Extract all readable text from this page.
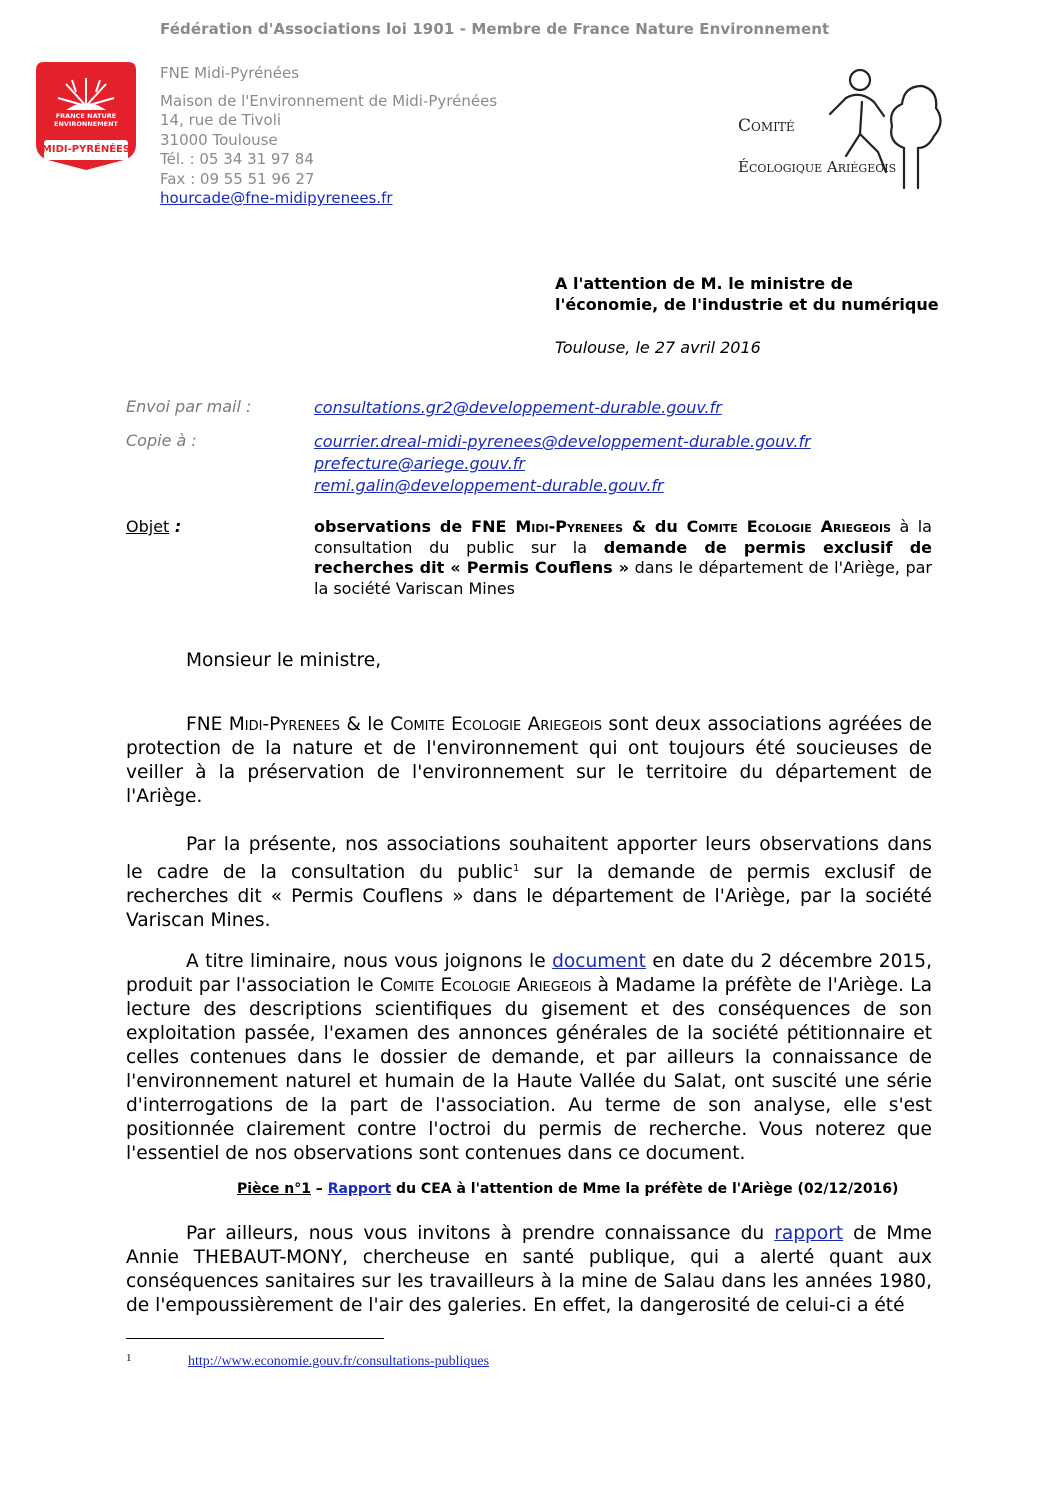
Fédération d'Associations loi 1901 - Membre de France Nature Environnement
FRANCE NATURE
ENVIRONNEMENT
MIDI-PYRÉNÉES
FNE Midi-Pyrénées
Maison de l'Environnement de Midi-Pyrénées
14, rue de Tivoli
31000 Toulouse
Tél. : 05 34 31 97 84
Fax : 09 55 51 96 27
hourcade@fne-midipyrenees.fr
Comité
Écologique Ariégeois
A l'attention de M. le ministre de
l'économie, de l'industrie et du numérique
Toulouse, le 27 avril 2016
Envoi par mail :	consultations.gr2@developpement-durable.gouv.fr
Copie à :	courrier.dreal-midi-pyrenees@developpement-durable.gouv.fr
prefecture@ariege.gouv.fr
remi.galin@developpement-durable.gouv.fr
Objet :	observations de FNE Midi-Pyrenees & du Comite Ecologie Ariegeois à la consultation du public sur la demande de permis exclusif de recherches dit « Permis Couflens » dans le département de l'Ariège, par la société Variscan Mines
Monsieur le ministre,
FNE Midi-Pyrenees & le Comite Ecologie Ariegeois sont deux associations agréées de protection de la nature et de l'environnement qui ont toujours été soucieuses de veiller à la préservation de l'environnement sur le territoire du département de l'Ariège.
Par la présente, nos associations souhaitent apporter leurs observations dans le cadre de la consultation du public$^1$ sur la demande de permis exclusif de recherches dit « Permis Couflens » dans le département de l'Ariège, par la société Variscan Mines.
A titre liminaire, nous vous joignons le document en date du 2 décembre 2015, produit par l'association le Comite Ecologie Ariegeois à Madame la préfète de l'Ariège. La lecture des descriptions scientifiques du gisement et des conséquences de son exploitation passée, l'examen des annonces générales de la société pétitionnaire et celles contenues dans le dossier de demande, et par ailleurs la connaissance de l'environnement naturel et humain de la Haute Vallée du Salat, ont suscité une série d'interrogations de la part de l'association. Au terme de son analyse, elle s'est positionnée clairement contre l'octroi du permis de recherche. Vous noterez que l'essentiel de nos observations sont contenues dans ce document.
Pièce n°1 – Rapport du CEA à l'attention de Mme la préfète de l'Ariège (02/12/2016)
Par ailleurs, nous vous invitons à prendre connaissance du rapport de Mme Annie THEBAUT-MONY, chercheuse en santé publique, qui a alerté quant aux conséquences sanitaires sur les travailleurs à la mine de Salau dans les années 1980, de l'empoussièrement de l'air des galeries. En effet, la dangerosité de celui-ci a été
$^1$	http://www.economie.gouv.fr/consultations-publiques
